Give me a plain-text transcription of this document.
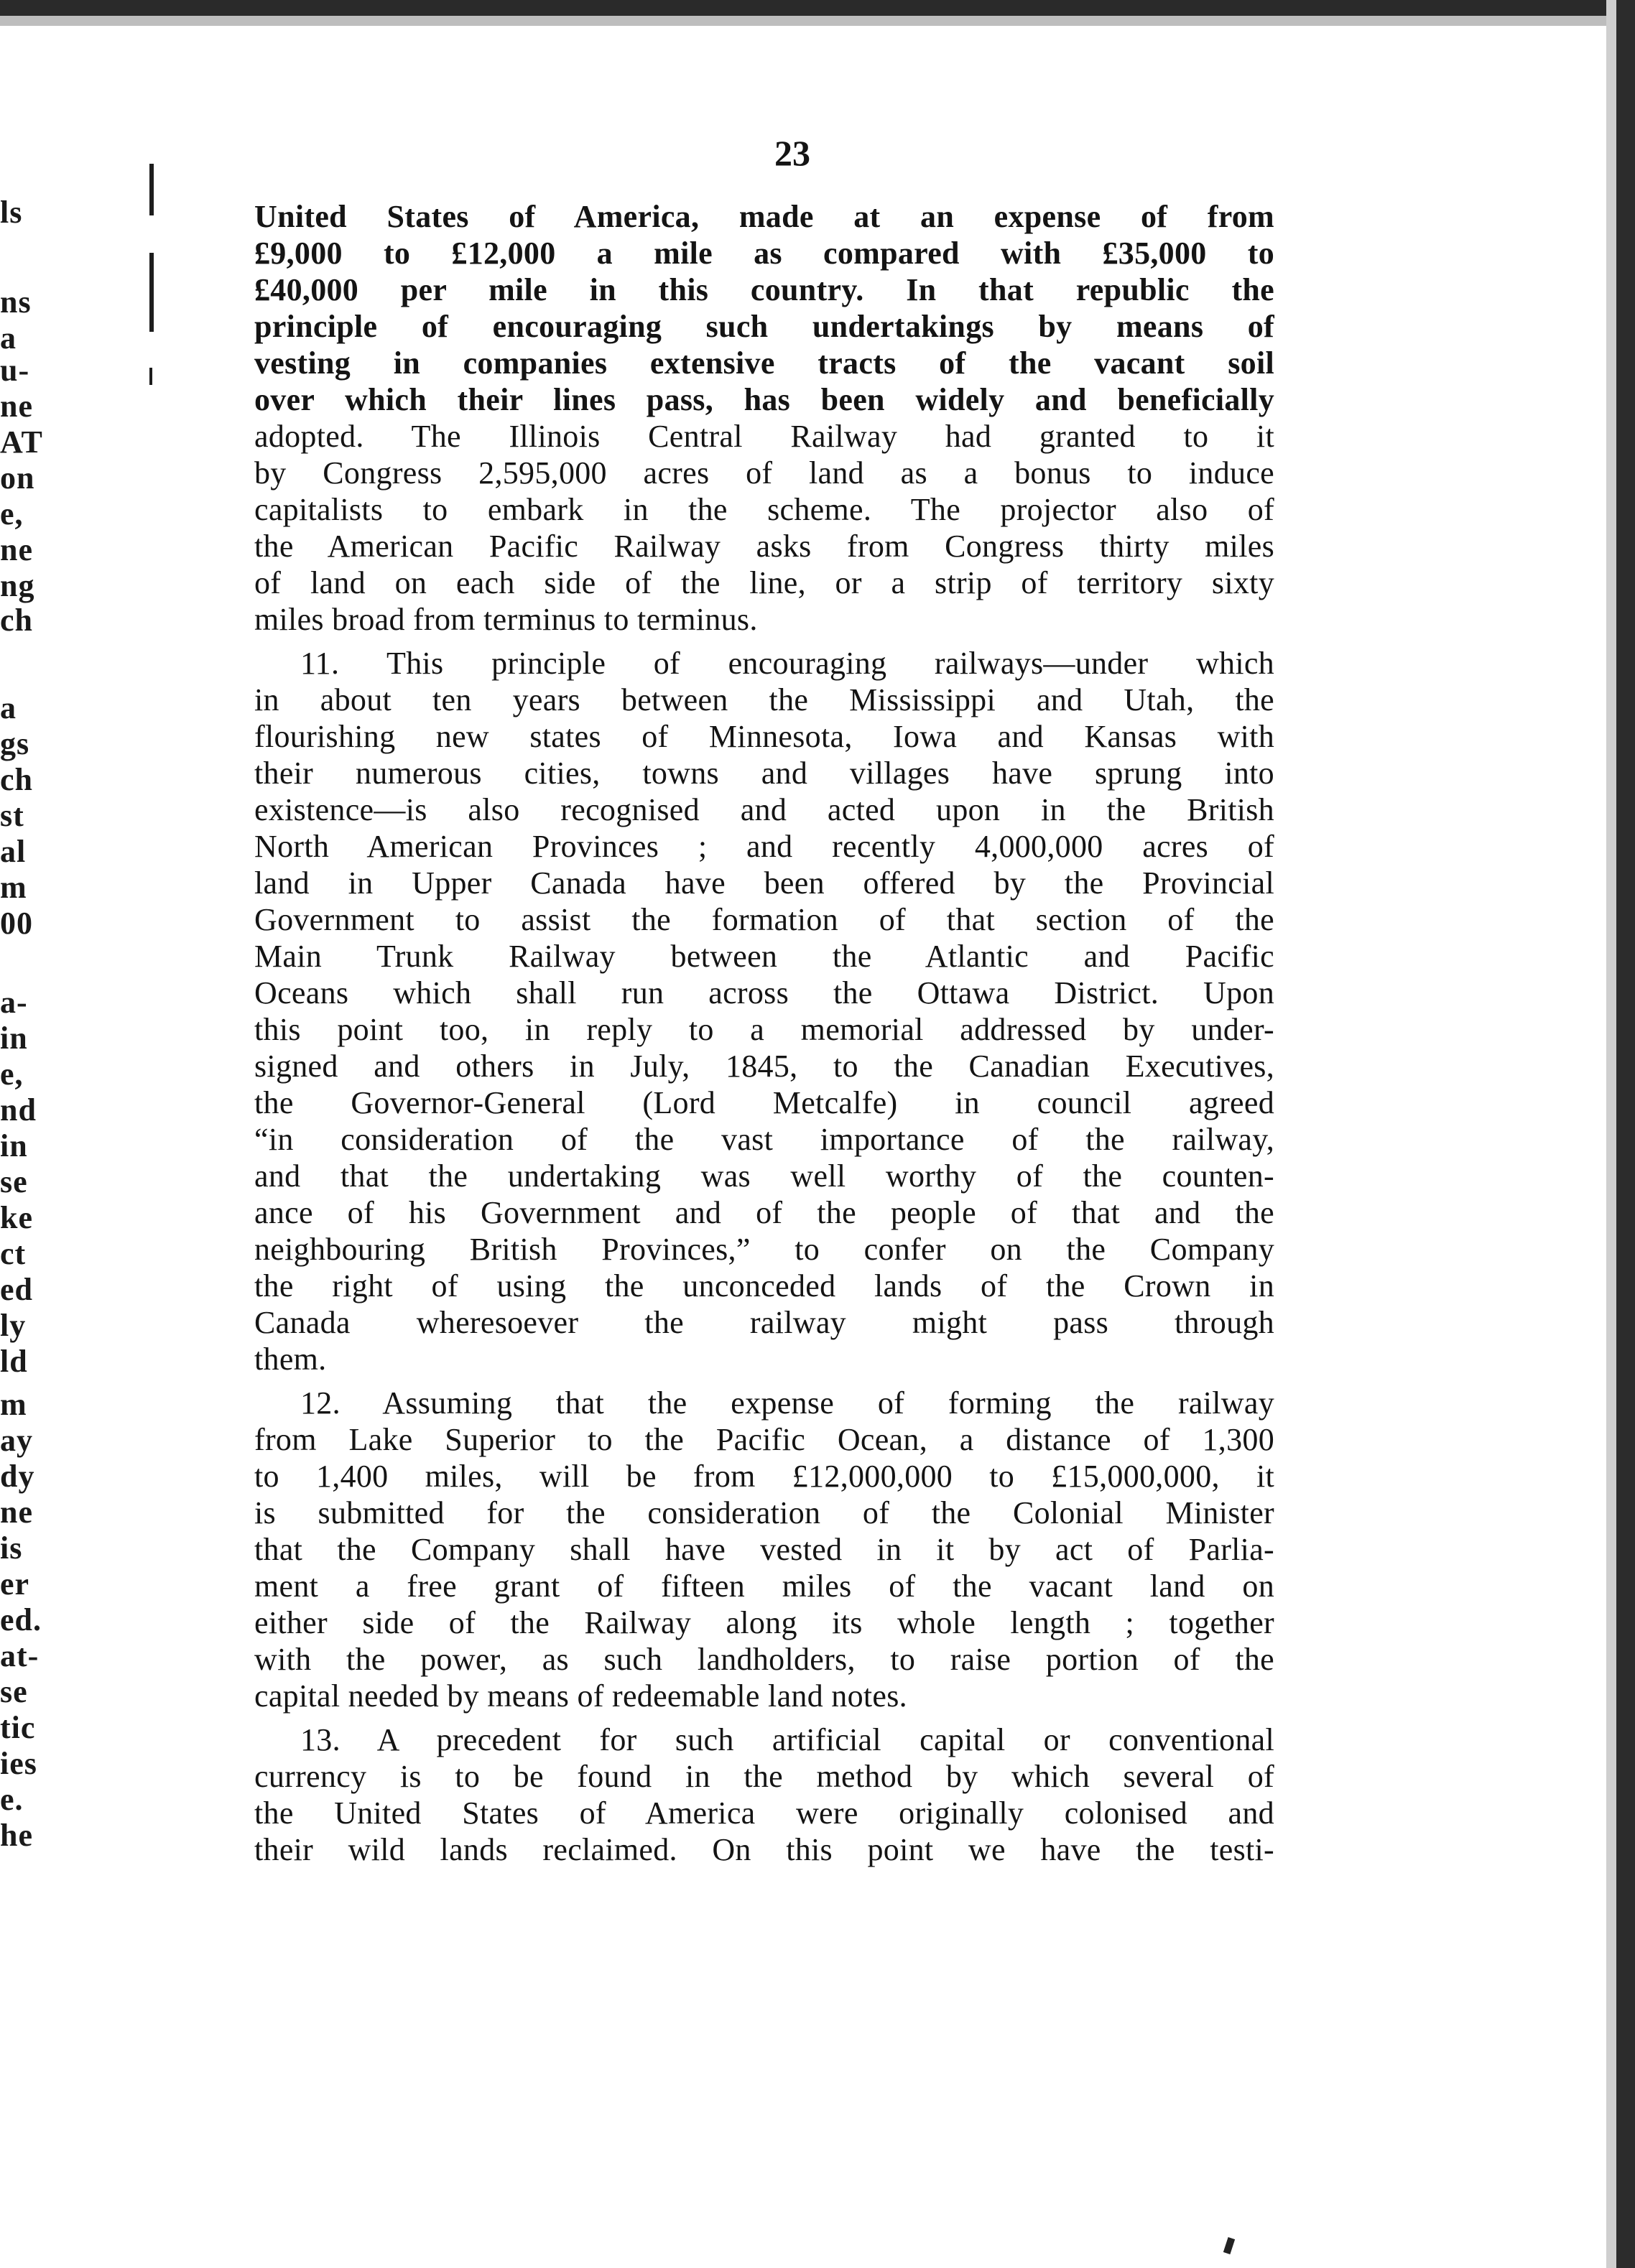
ls
ns
a
u-
ne
AT
on
e,
ne
ng
ch
a
gs
ch
st
al
m
00
a-
in
e,
nd
in
se
ke
ct
ed
ly
ld
m
ay
dy
ne
is
er
ed.
at-
se
tic
ies
e.
he
23
United States of America, made at an expense of from
£9,000 to £12,000 a mile as compared with £35,000 to
£40,000 per mile in this country. In that republic the
principle of encouraging such undertakings by means of
vesting in companies extensive tracts of the vacant soil
over which their lines pass, has been widely and beneficially
adopted. The Illinois Central Railway had granted to it
by Congress 2,595,000 acres of land as a bonus to induce
capitalists to embark in the scheme. The projector also of
the American Pacific Railway asks from Congress thirty miles
of land on each side of the line, or a strip of territory sixty
miles broad from terminus to terminus.
11. This principle of encouraging railways—under which
in about ten years between the Mississippi and Utah, the
flourishing new states of Minnesota, Iowa and Kansas with
their numerous cities, towns and villages have sprung into
existence—is also recognised and acted upon in the British
North American Provinces ; and recently 4,000,000 acres of
land in Upper Canada have been offered by the Provincial
Government to assist the formation of that section of the
Main Trunk Railway between the Atlantic and Pacific
Oceans which shall run across the Ottawa District. Upon
this point too, in reply to a memorial addressed by under-
signed and others in July, 1845, to the Canadian Executives,
the Governor-General (Lord Metcalfe) in council agreed
“in consideration of the vast importance of the railway,
and that the undertaking was well worthy of the counten-
ance of his Government and of the people of that and the
neighbouring British Provinces,” to confer on the Company
the right of using the unconceded lands of the Crown in
Canada wheresoever the railway might pass through
them.
12. Assuming that the expense of forming the railway
from Lake Superior to the Pacific Ocean, a distance of 1,300
to 1,400 miles, will be from £12,000,000 to £15,000,000, it
is submitted for the consideration of the Colonial Minister
that the Company shall have vested in it by act of Parlia-
ment a free grant of fifteen miles of the vacant land on
either side of the Railway along its whole length ; together
with the power, as such landholders, to raise portion of the
capital needed by means of redeemable land notes.
13. A precedent for such artificial capital or conventional
currency is to be found in the method by which several of
the United States of America were originally colonised and
their wild lands reclaimed. On this point we have the testi-
